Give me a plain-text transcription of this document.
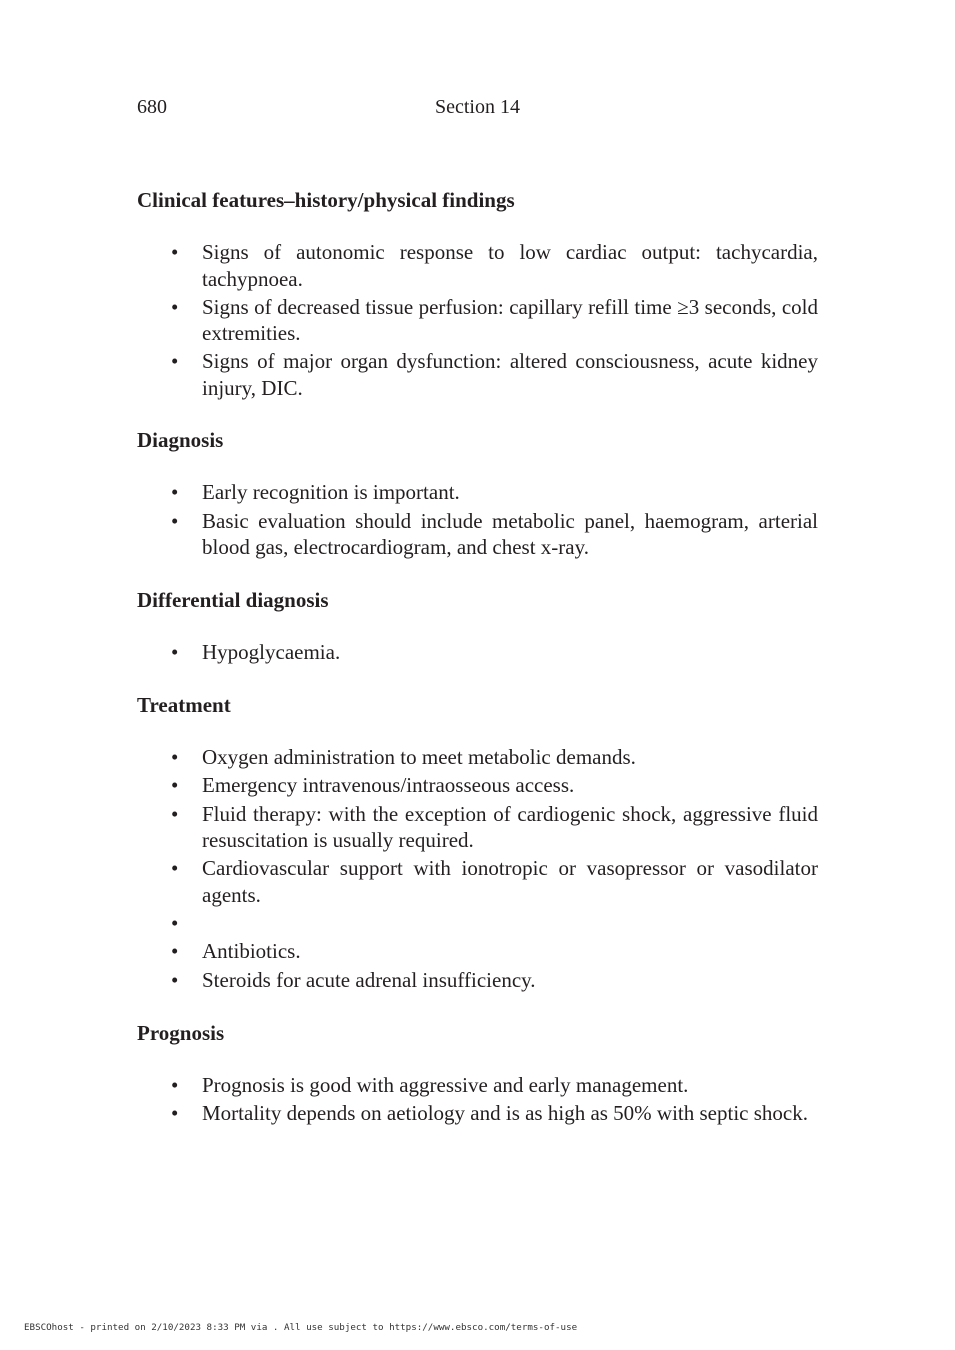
680	Section 14
Clinical features–history/physical findings
• Signs of autonomic response to low cardiac output: tachycardia, tachypnoea.
• Signs of decreased tissue perfusion: capillary refill time ≥3 seconds, cold extremities.
• Signs of major organ dysfunction: altered consciousness, acute kidney injury, DIC.
Diagnosis
• Early recognition is important.
• Basic evaluation should include metabolic panel, haemogram, arterial blood gas, electrocardiogram, and chest x-ray.
Differential diagnosis
• Hypoglycaemia.
Treatment
• Oxygen administration to meet metabolic demands.
• Emergency intravenous/intraosseous access.
• Fluid therapy: with the exception of cardiogenic shock, aggressive fluid resuscitation is usually required.
• Cardiovascular support with ionotropic or vasopressor or vasodilator agents.
•
• Antibiotics.
• Steroids for acute adrenal insufficiency.
Prognosis
• Prognosis is good with aggressive and early management.
• Mortality depends on aetiology and is as high as 50% with septic shock.
EBSCOhost - printed on 2/10/2023 8:33 PM via . All use subject to https://www.ebsco.com/terms-of-use
